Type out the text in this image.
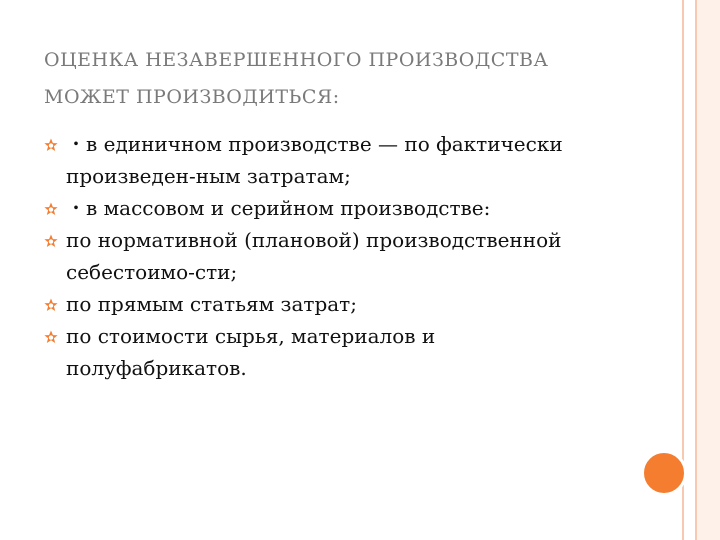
ОЦЕНКА НЕЗАВЕРШЕННОГО ПРОИЗВОДСТВА
МОЖЕТ ПРОИЗВОДИТЬСЯ:
・в единичном производстве — по фактически
произведен-ным затратам;
・в массовом и серийном производстве:
по нормативной (плановой) производственной
себестоимо-сти;
по прямым статьям затрат;
по стоимости сырья, материалов и
полуфабрикатов.
